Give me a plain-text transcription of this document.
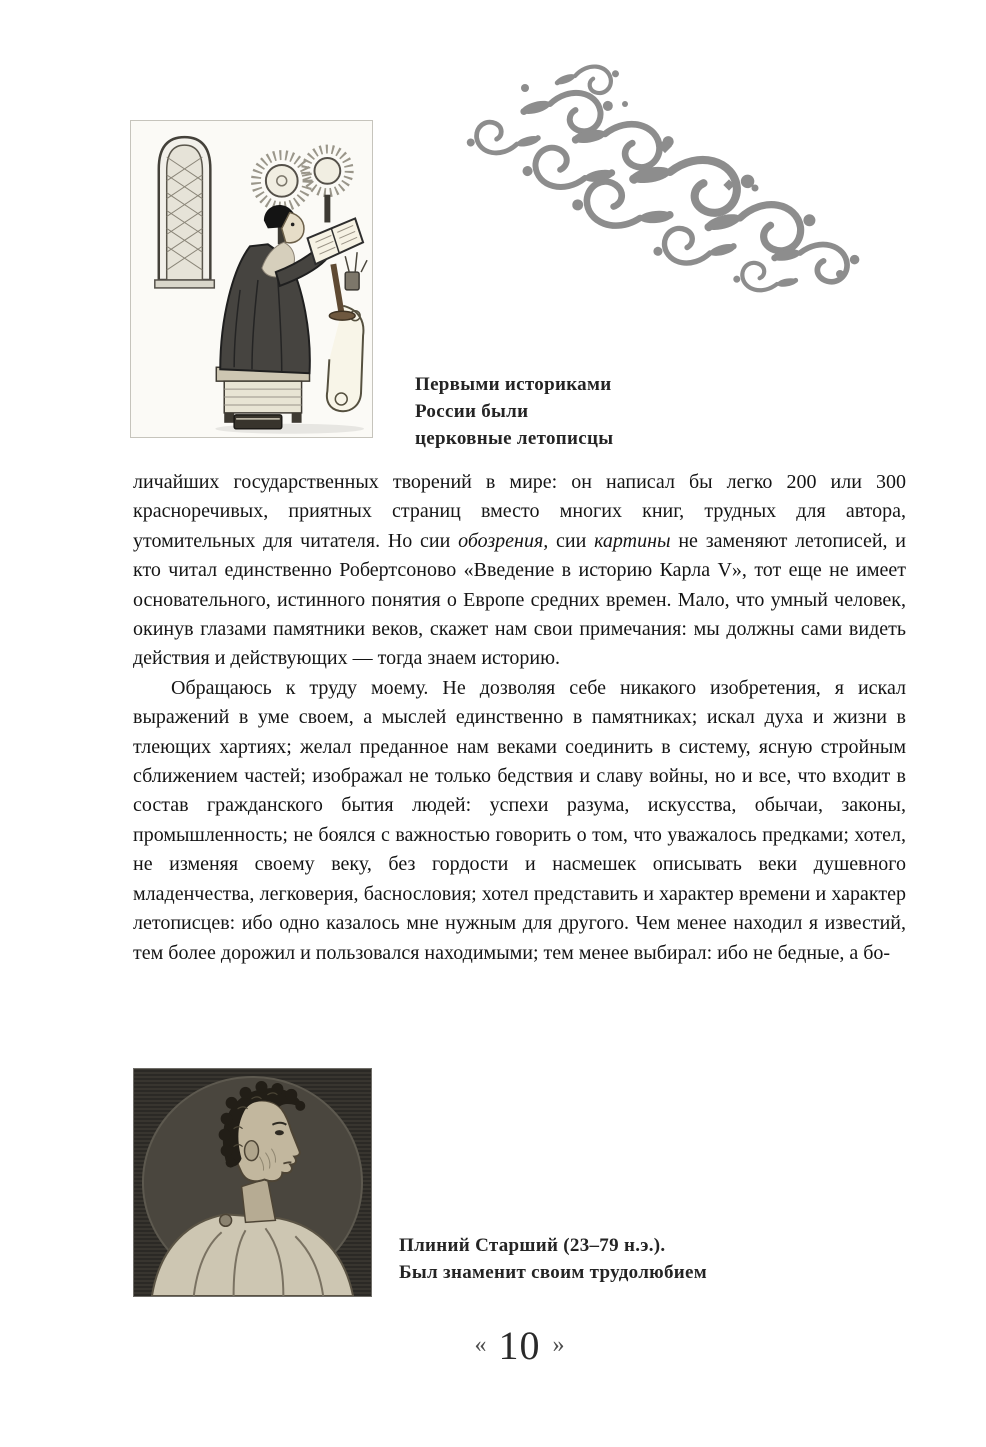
Первыми историками
России были
церковные летописцы

личайших государственных творений в мире: он написал бы легко 200 или 300 красноречивых, приятных страниц вместо многих книг, трудных для автора, утомительных для читателя. Но сии обозрения, сии картины не заменяют летописей, и кто читал единственно Робертсоново «Введение в историю Карла V», тот еще не имеет основательного, истинного понятия о Европе средних времен. Мало, что умный человек, окинув глазами памятники веков, скажет нам свои примечания: мы должны сами видеть действия и действующих — тогда знаем историю.

Обращаюсь к труду моему. Не дозволяя себе никакого изобретения, я искал выражений в уме своем, а мыслей единственно в памятниках; искал духа и жизни в тлеющих хартиях; желал преданное нам веками соединить в систему, ясную стройным сближением частей; изображал не только бедствия и славу войны, но и все, что входит в состав гражданского бытия людей: успехи разума, искусства, обычаи, законы, промышленность; не боялся с важностью говорить о том, что уважалось предками; хотел, не изменяя своему веку, без гордости и насмешек описывать веки душевного младенчества, легковерия, баснословия; хотел представить и характер времени и характер летописцев: ибо одно казалось мне нужным для другого. Чем менее находил я известий, тем более дорожил и пользовался находимыми; тем менее выбирал: ибо не бедные, а бо-

Плиний Старший (23–79 н.э.).
Был знаменит своим трудолюбием
« 10 »
